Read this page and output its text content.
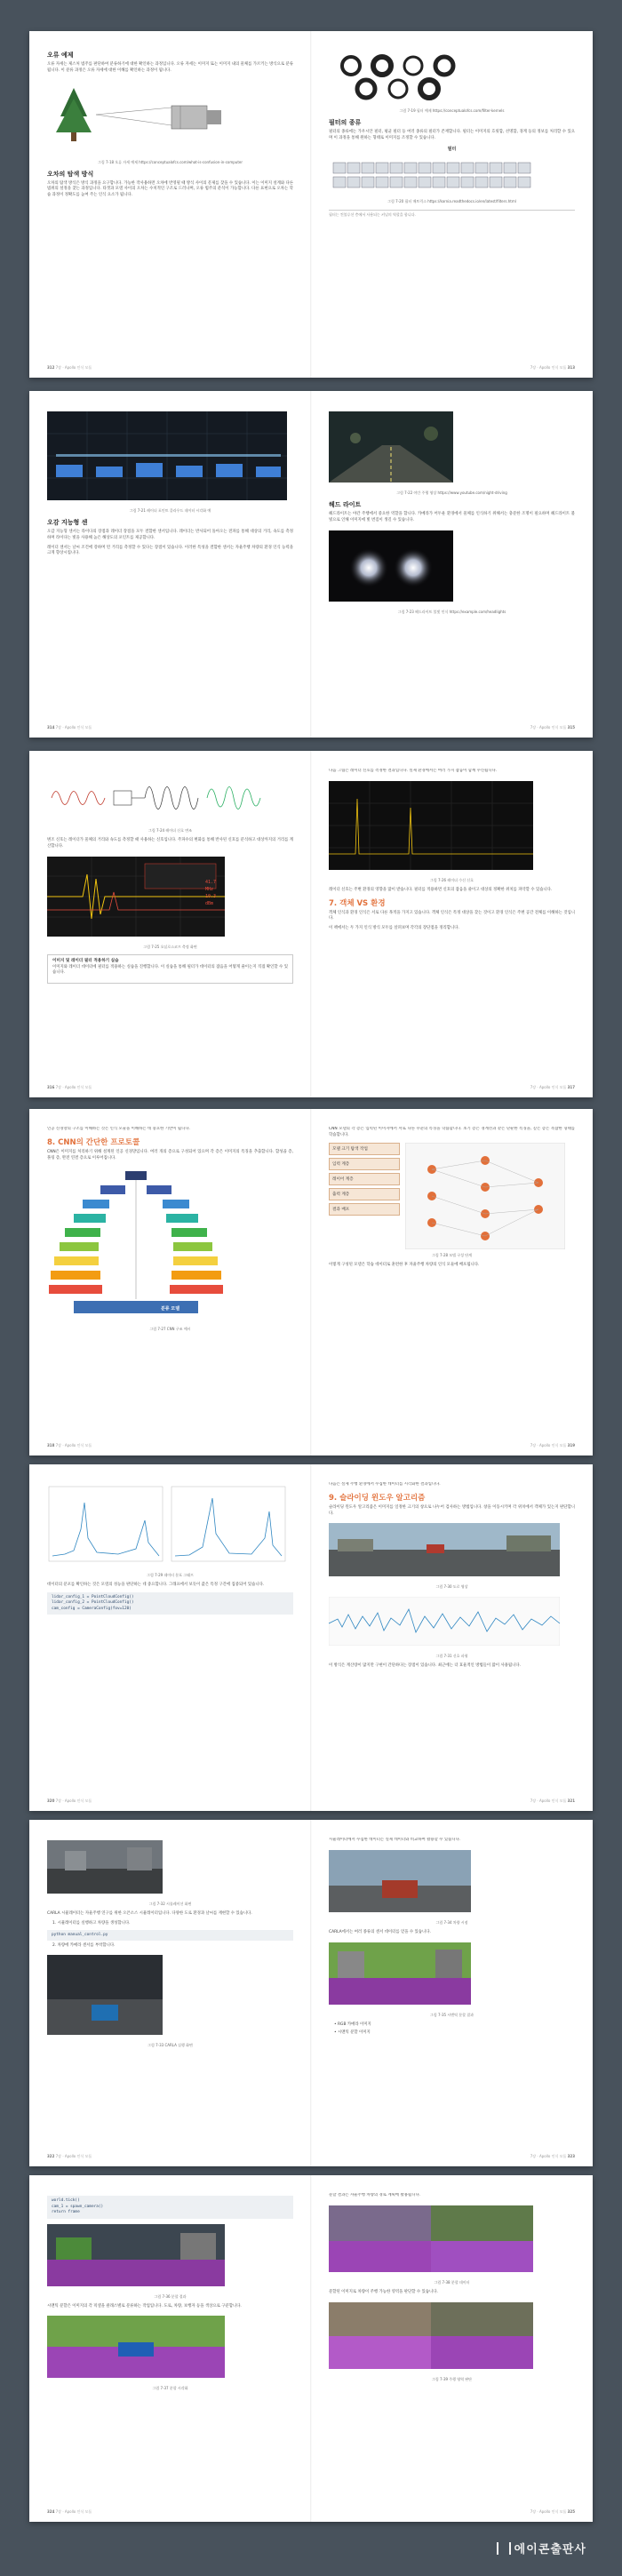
오류 예제

오류 자세는 제스처 범주를 판단하여 분류하기에 대한 확인하는 과정입니다. 오류 자세는 이미지 또는 이미지 내의 물체를 가르키는 방식으로 분류됩니다. 이 분류 과정은 오류 자세에 대한 이해를 확인하는 과정이 됩니다.

그림 7-18 오류 자세 예제 https://conceptualofcs.com/what-is-confusion-in-computer
오차의 탐색 방식

오차의 탐색 방식은 방식 과정을 요구합니다. 가능한 작사용하면 오차에 반영될 때 방식 사이의 문제를 찾을 수 있습니다. 이는 이미지 설계와 다른 범위의 설정을 찾는 과정입니다. 타겟과 모델 사이의 오차는 수치적인 구조로 드러나며, 오류 범주의 분석이 가능합니다. 다른 표현으로 오차는 학습 과정이 정확도를 높여 주는 인식 요소가 됩니다.

312 7장 · Apollo 인식 모듈
그림 7-19 필터 예제 https://conceptualofcs.com/filter-kernels
필터의 종류

필터의 종류에는 가우시안 필터, 평균 필터 등 여러 종류의 필터가 존재합니다. 필터는 이미지의 흐릿함, 선명함, 경계 등의 정보를 처리할 수 있으며 이 과정을 통해 원하는 형태로 이미지를 조정할 수 있습니다.

필터
그림 7-20 필터 매트릭스 https://kornia.readthedocs.io/en/latest/filters.html
필터는 컨볼루션 층에서 사용되는 커널의 역할을 합니다.
7장 · Apollo 인식 모듈 313
그림 7-21 레이더 포인트 클라우드 데이터 시각화 예
오감 지능형 센

오감 지능형 센서는 라이다의 장점과 레이더 장점을 모두 결합한 센서입니다. 레이더는 반사되어 돌아오는 전파를 통해 대상의 거리, 속도를 측정하며 라이다는 빛을 사용해 높은 해상도의 포인트를 제공합니다.

레이더 센서는 날씨 조건에 강하며 먼 거리를 측정할 수 있다는 장점이 있습니다. 이러한 특성을 결합한 센서는 자율주행 차량의 환경 인식 능력을 크게 향상시킵니다.

314 7장 · Apollo 인식 모듈
그림 7-22 야간 주행 영상 https://www.youtube.com/night-driving
헤드 라이트

헤드라이트는 야간 주행에서 중요한 역할을 합니다. 카메라가 어두운 환경에서 물체를 인식하기 위해서는 충분한 조명이 필요하며 헤드라이트 불빛으로 인해 이미지에 빛 번짐이 생길 수 있습니다.

그림 7-23 헤드라이트 불빛 인식 https://example.com/headlights
7장 · Apollo 인식 모듈 315
그림 7-24 레이더 신호 변조

변조 신호는 레이더가 물체의 거리와 속도를 측정할 때 사용하는 신호입니다. 주파수의 변화를 통해 반사된 신호를 분석하고 대상까지의 거리를 계산합니다.

41.7 MHz
10.3 dBm
그림 7-25 오실로스코프 측정 화면
이미지 및 레이더 필터 적용하기 실습
이미지와 레이더 데이터에 필터를 적용하는 실습을 진행합니다. 이 실습을 통해 필터가 데이터의 잡음을 어떻게 줄이는지 직접 확인할 수 있습니다.
316 7장 · Apollo 인식 모듈

다음 그림은 레이더 신호를 측정한 결과입니다. 실제 환경에서는 여러 가지 잡음이 함께 수신됩니다.

그림 7-26 레이더 수신 신호

레이더 신호는 주변 환경의 영향을 많이 받습니다. 필터를 적용하면 신호의 잡음을 줄이고 대상의 정확한 위치를 파악할 수 있습니다.

7. 객체 VS 환경

객체 인식과 환경 인식은 서로 다른 목적을 가지고 있습니다. 객체 인식은 특정 대상을 찾는 것이고 환경 인식은 주변 공간 전체를 이해하는 것입니다.

이 책에서는 두 가지 인식 방식 모두를 살펴보며 각각의 장단점을 정리합니다.

7장 · Apollo 인식 모듈 317

인공 신경망의 구조를 이해하는 것은 인식 모듈을 이해하는 데 중요한 기반이 됩니다.

8. CNN의 간단한 프로토콜

CNN은 이미지를 처리하기 위해 설계된 인공 신경망입니다. 여러 개의 층으로 구성되어 있으며 각 층은 이미지의 특징을 추출합니다. 합성곱 층, 풀링 층, 완전 연결 층으로 이루어집니다.

그림 7-27 CNN 구조 예시
318 7장 · Apollo 인식 모듈

CNN 모델의 각 층은 입력된 이미지에서 서로 다른 수준의 특징을 학습합니다. 초기 층은 경계선과 같은 단순한 특징을, 깊은 층은 복잡한 형태를 학습합니다.

모델 크기 탐색 작업
입력 계층
레이어 계층
출력 계층
결과 배포
그림 7-28 모델 구성 단계

이렇게 구성된 모델은 학습 데이터로 훈련한 후 자율주행 차량의 인식 모듈에 배포됩니다.

7장 · Apollo 인식 모듈 319
그림 7-29 데이터 분포 그래프

데이터의 분포를 확인하는 것은 모델의 성능을 판단하는 데 중요합니다. 그래프에서 보듯이 값은 특정 구간에 집중되어 있습니다.

lidar_config_1 = PointCloudConfig()
lidar_config_2 = PointCloudConfig()
cam_config = CameraConfig(fov=120)
320 7장 · Apollo 인식 모듈

다음은 실제 주행 환경에서 수집한 데이터를 시각화한 결과입니다.

9. 슬라이딩 윈도우 알고리즘

슬라이딩 윈도우 알고리즘은 이미지를 일정한 크기의 창으로 나누어 검사하는 방법입니다. 창을 이동시키며 각 위치에서 객체가 있는지 판단합니다.

그림 7-30 도로 영상
그림 7-31 신호 파형

이 방식은 계산량이 많지만 구현이 간단하다는 장점이 있습니다. 최근에는 더 효율적인 방법들이 많이 사용됩니다.

7장 · Apollo 인식 모듈 321
그림 7-32 시뮬레이션 화면

CARLA 시뮬레이터는 자율주행 연구를 위한 오픈소스 시뮬레이터입니다. 다양한 도로 환경과 날씨를 재현할 수 있습니다.

1. 시뮬레이터를 실행하고 차량을 생성합니다.
python manual_control.py
2. 차량에 카메라 센서를 부착합니다.
그림 7-33 CARLA 실행 화면
322 7장 · Apollo 인식 모듈

시뮬레이터에서 수집한 데이터는 실제 데이터와 비교하여 활용할 수 있습니다.

그림 7-34 차량 시점

CARLA에서는 여러 종류의 센서 데이터를 얻을 수 있습니다.

그림 7-35 시맨틱 분할 결과
• RGB 카메라 이미지
• 시맨틱 분할 이미지
7장 · Apollo 인식 모듈 323
world.tick()
cam_1 = spawn_camera()
return frame
그림 7-36 분할 결과

시맨틱 분할은 이미지의 각 픽셀을 클래스별로 분류하는 작업입니다. 도로, 차량, 보행자 등을 색상으로 구분합니다.

그림 7-37 분할 시각화
324 7장 · Apollo 인식 모듈

분할 결과는 자율주행 차량의 경로 계획에 활용됩니다.

그림 7-38 분할 데이터

분할된 이미지로 차량이 주행 가능한 영역을 판단할 수 있습니다.

그림 7-39 주행 영역 판단
7장 · Apollo 인식 모듈 325
에이콘출판사
